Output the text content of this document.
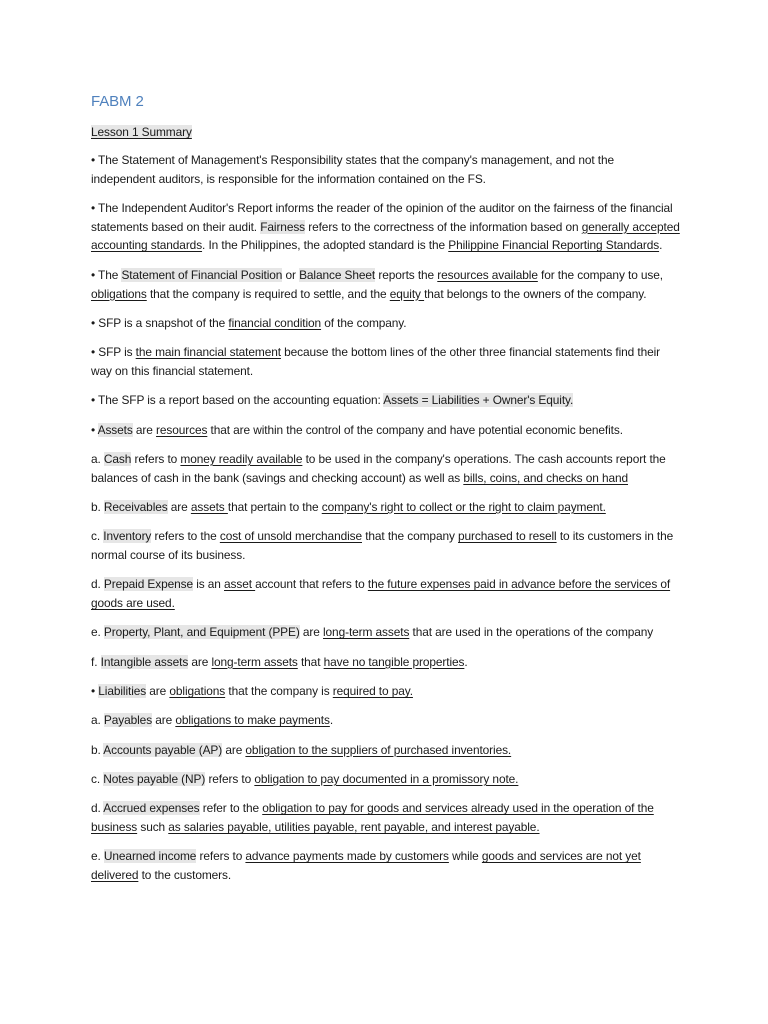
FABM 2
Lesson 1 Summary

• The Statement of Management's Responsibility states that the company's management, and not the independent auditors, is responsible for the information contained on the FS.

• The Independent Auditor's Report informs the reader of the opinion of the auditor on the fairness of the financial statements based on their audit. Fairness refers to the correctness of the information based on generally accepted accounting standards. In the Philippines, the adopted standard is the Philippine Financial Reporting Standards.

• The Statement of Financial Position or Balance Sheet reports the resources available for the company to use, obligations that the company is required to settle, and the equity that belongs to the owners of the company.

• SFP is a snapshot of the financial condition of the company.

• SFP is the main financial statement because the bottom lines of the other three financial statements find their way on this financial statement.

• The SFP is a report based on the accounting equation: Assets = Liabilities + Owner's Equity.

• Assets are resources that are within the control of the company and have potential economic benefits.

a. Cash refers to money readily available to be used in the company's operations. The cash accounts report the balances of cash in the bank (savings and checking account) as well as bills, coins, and checks on hand

b. Receivables are assets that pertain to the company's right to collect or the right to claim payment.

c. Inventory refers to the cost of unsold merchandise that the company purchased to resell to its customers in the normal course of its business.

d. Prepaid Expense is an asset account that refers to the future expenses paid in advance before the services of goods are used.

e. Property, Plant, and Equipment (PPE) are long-term assets that are used in the operations of the company

f. Intangible assets are long-term assets that have no tangible properties.

• Liabilities are obligations that the company is required to pay.

a. Payables are obligations to make payments.

b. Accounts payable (AP) are obligation to the suppliers of purchased inventories.

c. Notes payable (NP) refers to obligation to pay documented in a promissory note.

d. Accrued expenses refer to the obligation to pay for goods and services already used in the operation of the business such as salaries payable, utilities payable, rent payable, and interest payable.

e. Unearned income refers to advance payments made by customers while goods and services are not yet delivered to the customers.
